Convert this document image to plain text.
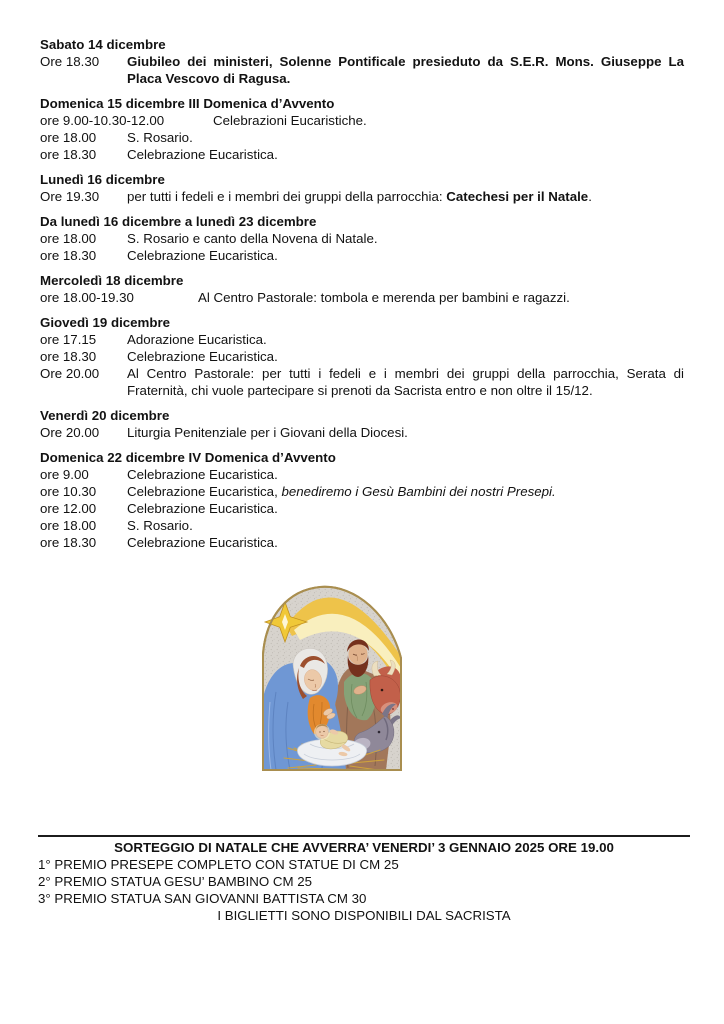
Sabato 14 dicembre
Ore 18.30	Giubileo dei ministeri, Solenne Pontificale presieduto da S.E.R. Mons. Giuseppe La Placa Vescovo di Ragusa.
Domenica 15 dicembre III Domenica d’Avvento
ore 9.00-10.30-12.00	Celebrazioni Eucaristiche.
ore 18.00	S. Rosario.
ore 18.30	Celebrazione Eucaristica.
Lunedì 16 dicembre
Ore 19.30	per tutti i fedeli e i membri dei gruppi della parrocchia: Catechesi per il Natale.
Da lunedì 16 dicembre a lunedì 23 dicembre
ore 18.00	S. Rosario e canto della Novena di Natale.
ore 18.30	Celebrazione Eucaristica.
Mercoledì 18 dicembre
ore 18.00-19.30	Al Centro Pastorale: tombola e merenda per bambini e ragazzi.
Giovedì 19 dicembre
ore 17.15	Adorazione Eucaristica.
ore 18.30	Celebrazione Eucaristica.
Ore 20.00	Al Centro Pastorale: per tutti i fedeli e i membri dei gruppi della parrocchia, Serata di Fraternità, chi vuole partecipare si prenoti da Sacrista entro e non oltre il 15/12.
Venerdì 20 dicembre
Ore 20.00	Liturgia Penitenziale per i Giovani della Diocesi.
Domenica 22 dicembre IV Domenica d’Avvento
ore 9.00	Celebrazione Eucaristica.
ore 10.30	Celebrazione Eucaristica, benediremo i Gesù Bambini dei nostri Presepi.
ore 12.00	Celebrazione Eucaristica.
ore 18.00	S. Rosario.
ore 18.30	Celebrazione Eucaristica.
SORTEGGIO DI NATALE CHE AVVERRA’ VENERDI’ 3 GENNAIO 2025 ORE 19.00
1° PREMIO PRESEPE COMPLETO CON STATUE DI CM 25
2° PREMIO STATUA GESU’ BAMBINO CM 25
3° PREMIO STATUA SAN GIOVANNI BATTISTA CM 30
I BIGLIETTI SONO DISPONIBILI DAL SACRISTA
